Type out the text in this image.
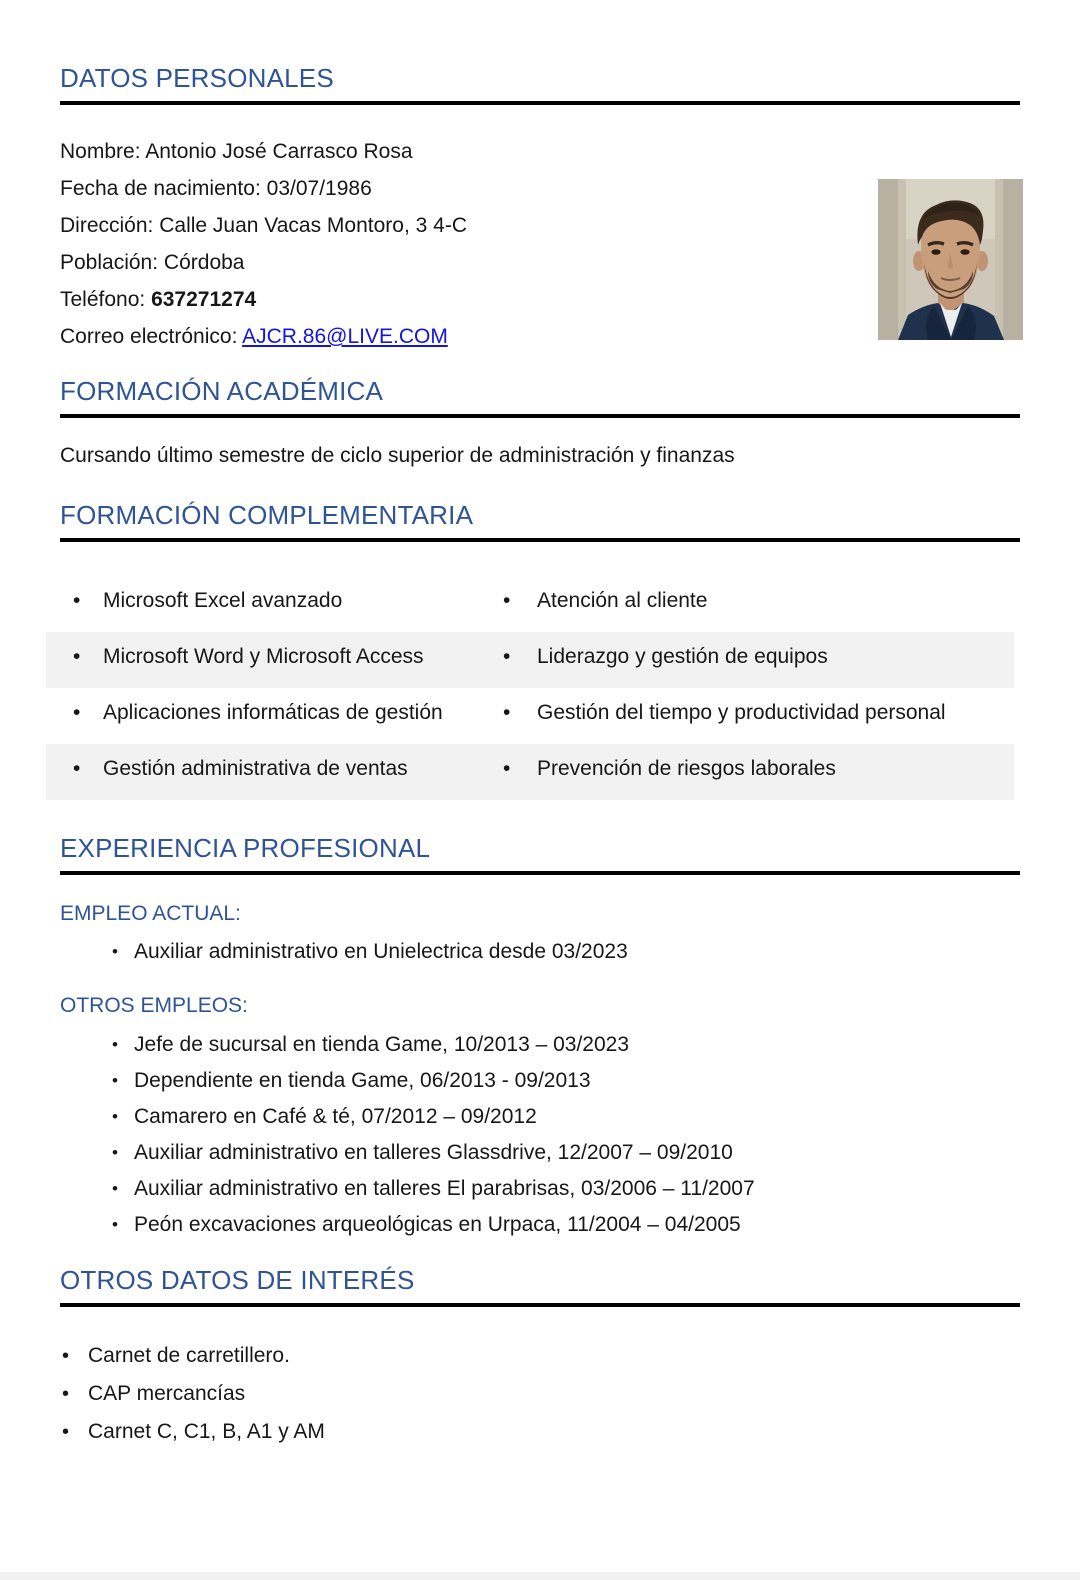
DATOS PERSONALES
Nombre: Antonio José Carrasco Rosa
Fecha de nacimiento: 03/07/1986
Dirección: Calle Juan Vacas Montoro, 3 4-C
Población: Córdoba
Teléfono: 637271274
Correo electrónico: AJCR.86@LIVE.COM
FORMACIÓN ACADÉMICA
Cursando último semestre de ciclo superior de administración y finanzas
FORMACIÓN COMPLEMENTARIA
• Microsoft Excel avanzado	• Atención al cliente
• Microsoft Word y Microsoft Access	• Liderazgo y gestión de equipos
• Aplicaciones informáticas de gestión	• Gestión del tiempo y productividad personal
• Gestión administrativa de ventas	• Prevención de riesgos laborales
EXPERIENCIA PROFESIONAL
EMPLEO ACTUAL:
• Auxiliar administrativo en Unielectrica desde 03/2023
OTROS EMPLEOS:
• Jefe de sucursal en tienda Game, 10/2013 – 03/2023
• Dependiente en tienda Game, 06/2013 - 09/2013
• Camarero en Café & té, 07/2012 – 09/2012
• Auxiliar administrativo en talleres Glassdrive, 12/2007 – 09/2010
• Auxiliar administrativo en talleres El parabrisas, 03/2006 – 11/2007
• Peón excavaciones arqueológicas en Urpaca, 11/2004 – 04/2005
OTROS DATOS DE INTERÉS
• Carnet de carretillero.
• CAP mercancías
• Carnet C, C1, B, A1 y AM
